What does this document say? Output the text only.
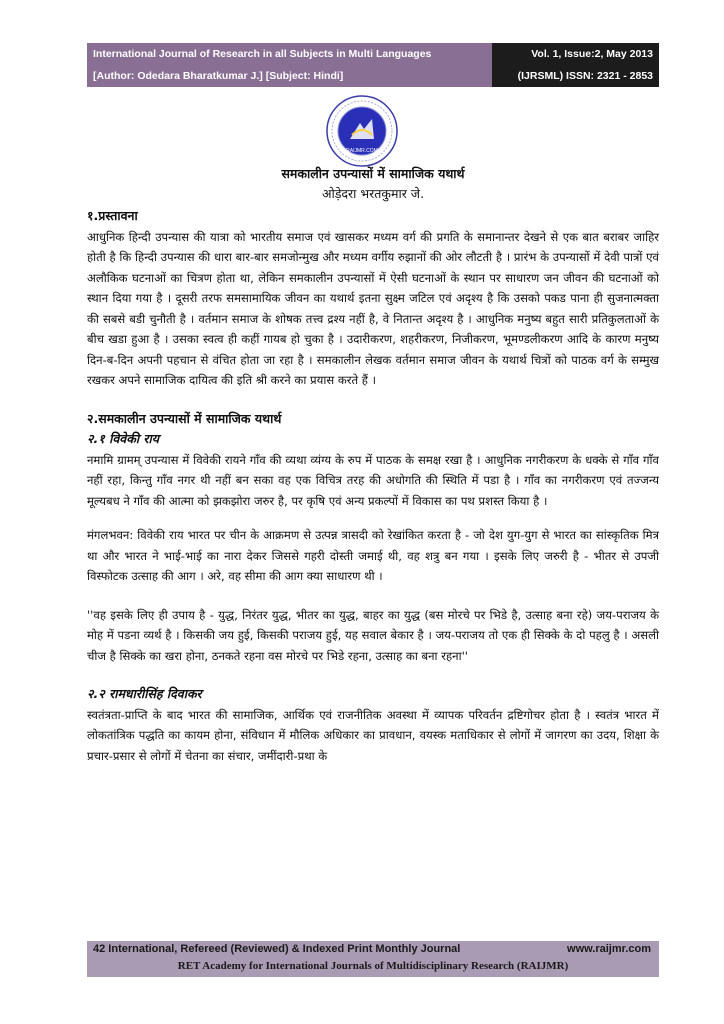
International Journal of Research in all Subjects in Multi Languages	Vol. 1, Issue:2, May 2013
[Author: Odedara Bharatkumar J.] [Subject: Hindi]	(IJRSML) ISSN: 2321 - 2853
RAIJMR.COM
समकालीन उपन्यासों में सामाजिक यथार्थ
ओड़ेदरा भरतकुमार जे.

१.प्रस्तावना

आधुनिक हिन्दी उपन्यास की यात्रा को भारतीय समाज एवं खासकर मध्यम वर्ग की प्रगति के समानान्तर देखने से एक बात बराबर जाहिर होती है कि हिन्दी उपन्यास की धारा बार-बार समजोन्मुख और मध्यम वर्गीय रुझानों की ओर लौटती है । प्रारंभ के उपन्यासों में देवी पात्रों एवं अलौकिक घटनाओं का चित्रण होता था, लेकिन समकालीन उपन्यासों में ऐसी घटनाओं के स्थान पर साधारण जन जीवन की घटनाओं को स्थान दिया गया है । दूसरी तरफ समसामायिक जीवन का यथार्थ इतना सुक्ष्म जटिल एवं अदृश्य है कि उसको पकड पाना ही सुजनात्मक्ता की सबसे बडी चुनौती है । वर्तमान समाज के शोषक तत्त्व द्रश्य नहीं है, वे नितान्त अदृश्य है । आधुनिक मनुष्य बहुत सारी प्रतिकुलताओं के बीच खडा हुआ है । उसका स्वत्व ही कहीं गायब हो चुका है । उदारीकरण, शहरीकरण, निजीकरण, भूमण्डलीकरण आदि के कारण मनुष्य दिन-ब-दिन अपनी पहचान से वंचित होता जा रहा है । समकालीन लेखक वर्तमान समाज जीवन के यथार्थ चित्रों को पाठक वर्ग के सम्मुख रखकर अपने सामाजिक दायित्व की इति श्री करने का प्रयास करते हैं ।

२.समकालीन उपन्यासों में सामाजिक यथार्थ

२.१ विवेकी राय

नमामि ग्रामम् उपन्यास में विवेकी रायने गाँव की व्यथा व्यंग्य के रुप में पाठक के समक्ष रखा है । आधुनिक नगरीकरण के धक्के से गाँव गाँव नहीं रहा, किन्तु गाँव नगर थी नहीं बन सका वह एक विचित्र तरह की अधोगति की स्थिति में पडा है । गाँव का नगरीकरण एवं तज्जन्य मूल्यबध ने गाँव की आत्मा को झकझोरा जरुर है, पर कृषि एवं अन्य प्रकल्पों में विकास का पथ प्रशस्त किया है ।

मंगलभवन: विवेकी राय भारत पर चीन के आक्रमण से उत्पन्न त्रासदी को रेखांकित करता है - जो देश युग-युग से भारत का सांस्कृतिक मित्र था और भारत ने भाई-भाई का नारा देकर जिससे गहरी दोस्ती जमाई थी, वह शत्रु बन गया । इसके लिए जरुरी है - भीतर से उपजी विस्फोटक उत्साह की आग । अरे, वह सीमा की आग क्या साधारण थी ।

''वह इसके लिए ही उपाय है - युद्ध, निरंतर युद्ध, भीतर का युद्ध, बाहर का युद्ध (बस मोरचे पर भिडे है, उत्साह बना रहे) जय-पराजय के मोह में पडना व्यर्थ है । किसकी जय हुई, किसकी पराजय हुई, यह सवाल बेकार है । जय-पराजय तो एक ही सिक्के के दो पहलु है । असली चीज है सिक्के का खरा होना, ठनकते रहना वस मोरचे पर भिडे रहना, उत्साह का बना रहना''

२.२ रामधारीसिंह दिवाकर

स्वतंत्रता-प्राप्ति के बाद भारत की सामाजिक, आर्थिक एवं राजनीतिक अवस्था में व्यापक परिवर्तन द्रष्टिगोचर होता है । स्वतंत्र भारत में लोकतांत्रिक पद्धति का कायम होना, संविधान में मौलिक अधिकार का प्रावधान, वयस्क मताधिकार से लोगों में जागरण का उदय, शिक्षा के प्रचार-प्रसार से लोगों में चेतना का संचार, जमींदारी-प्रथा के

42 International, Refereed (Reviewed) & Indexed Print Monthly Journal	www.raijmr.com
RET Academy for International Journals of Multidisciplinary Research (RAIJMR)
